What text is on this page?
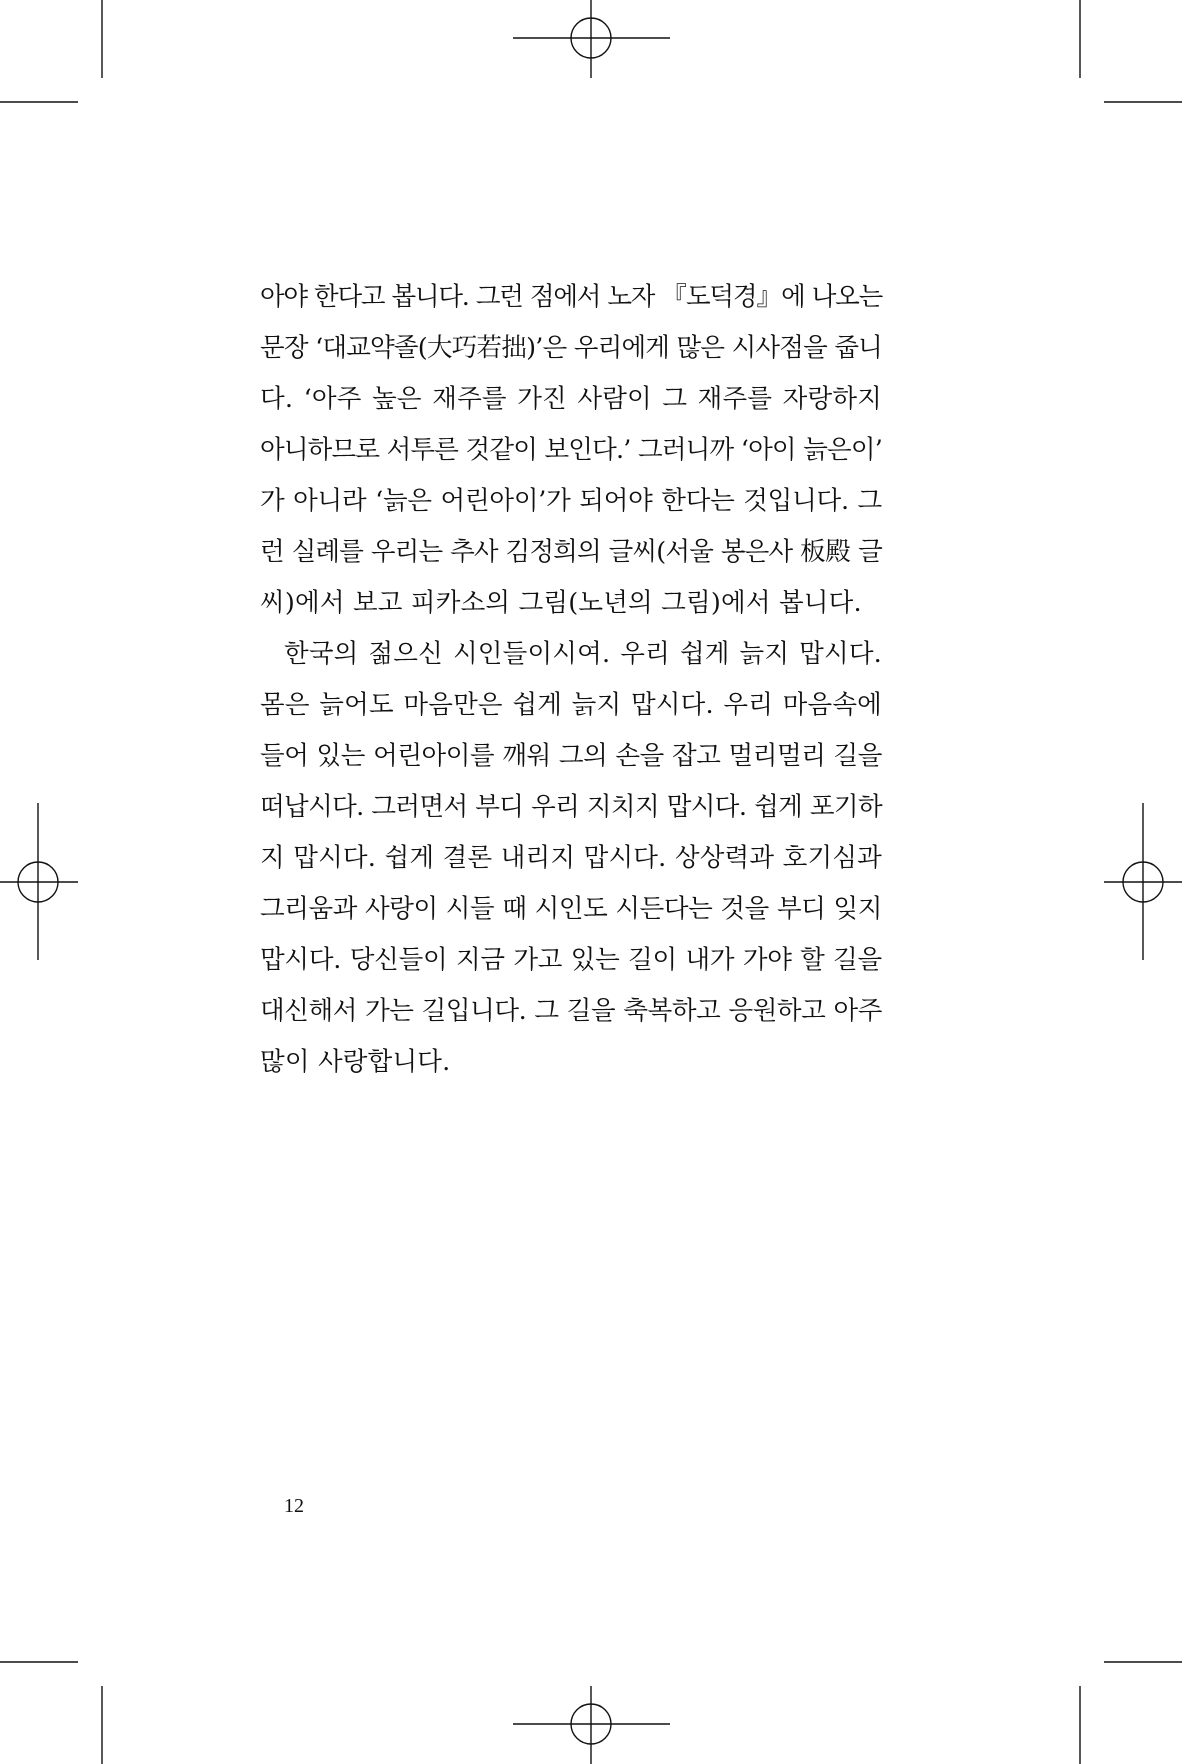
아야 한다고 봅니다. 그런 점에서 노자 『도덕경』에 나오는
문장 ‘대교약졸(大巧若拙)’은 우리에게 많은 시사점을 줍니
다. ‘아주 높은 재주를 가진 사람이 그 재주를 자랑하지
아니하므로 서투른 것같이 보인다.’ 그러니까 ‘아이 늙은이’
가 아니라 ‘늙은 어린아이’가 되어야 한다는 것입니다. 그
런 실례를 우리는 추사 김정희의 글씨(서울 봉은사 板殿 글
씨)에서 보고 피카소의 그림(노년의 그림)에서 봅니다.

한국의 젊으신 시인들이시여. 우리 쉽게 늙지 맙시다.
몸은 늙어도 마음만은 쉽게 늙지 맙시다. 우리 마음속에
들어 있는 어린아이를 깨워 그의 손을 잡고 멀리멀리 길을
떠납시다. 그러면서 부디 우리 지치지 맙시다. 쉽게 포기하
지 맙시다. 쉽게 결론 내리지 맙시다. 상상력과 호기심과
그리움과 사랑이 시들 때 시인도 시든다는 것을 부디 잊지
맙시다. 당신들이 지금 가고 있는 길이 내가 가야 할 길을
대신해서 가는 길입니다. 그 길을 축복하고 응원하고 아주
많이 사랑합니다.

12
